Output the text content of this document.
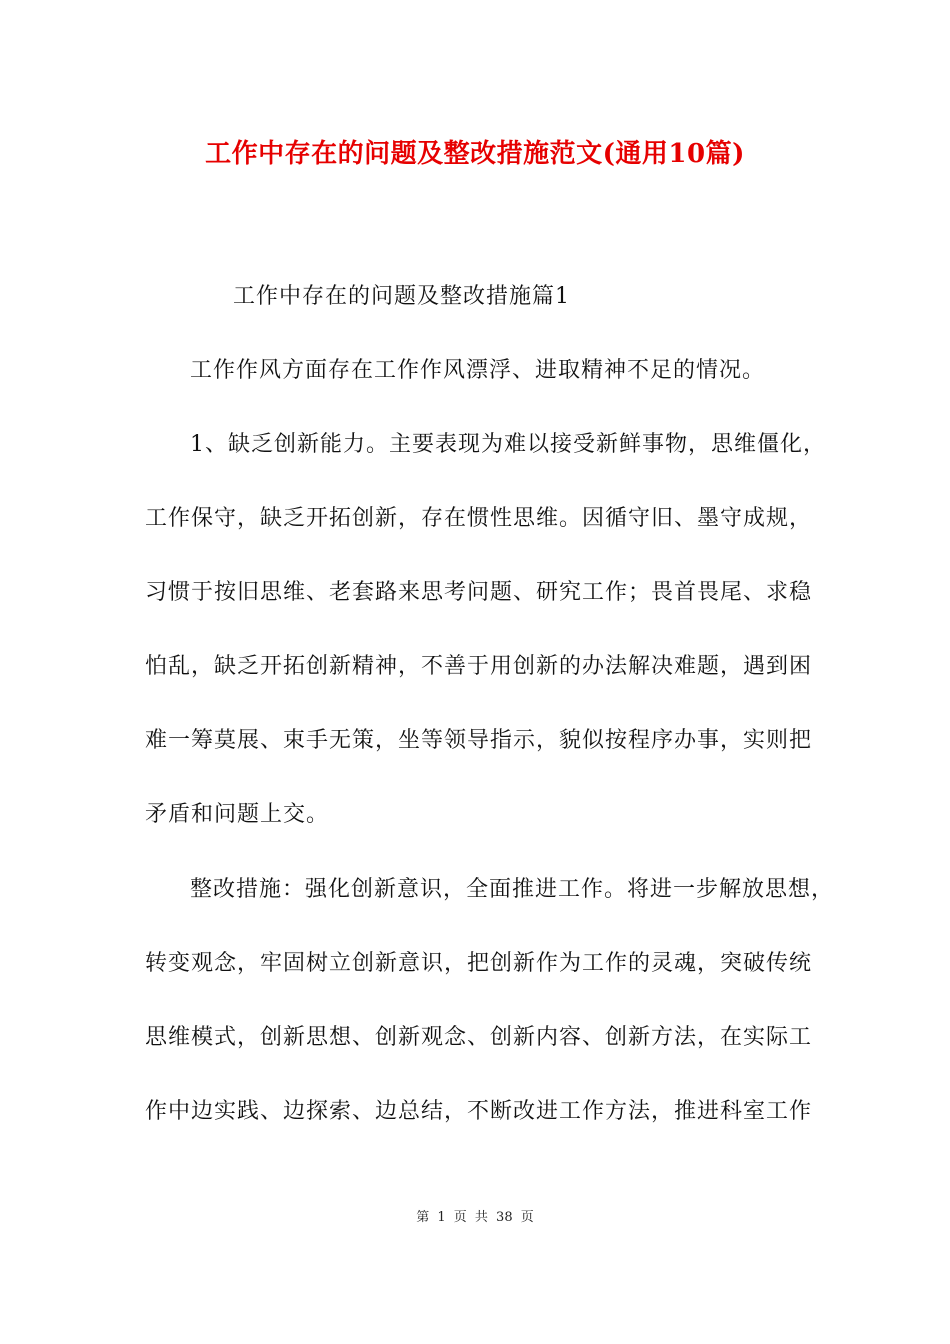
工作中存在的问题及整改措施范文(通用10篇)
工作中存在的问题及整改措施篇1
工作作风方面存在工作作风漂浮、进取精神不足的情况。
1、缺乏创新能力。主要表现为难以接受新鲜事物，思维僵化，
工作保守，缺乏开拓创新，存在惯性思维。因循守旧、墨守成规，
习惯于按旧思维、老套路来思考问题、研究工作；畏首畏尾、求稳
怕乱，缺乏开拓创新精神，不善于用创新的办法解决难题，遇到困
难一筹莫展、束手无策，坐等领导指示，貌似按程序办事，实则把
矛盾和问题上交。
整改措施：强化创新意识，全面推进工作。将进一步解放思想，
转变观念，牢固树立创新意识，把创新作为工作的灵魂，突破传统
思维模式，创新思想、创新观念、创新内容、创新方法，在实际工
作中边实践、边探索、边总结，不断改进工作方法，推进科室工作
第 1 页 共 38 页
